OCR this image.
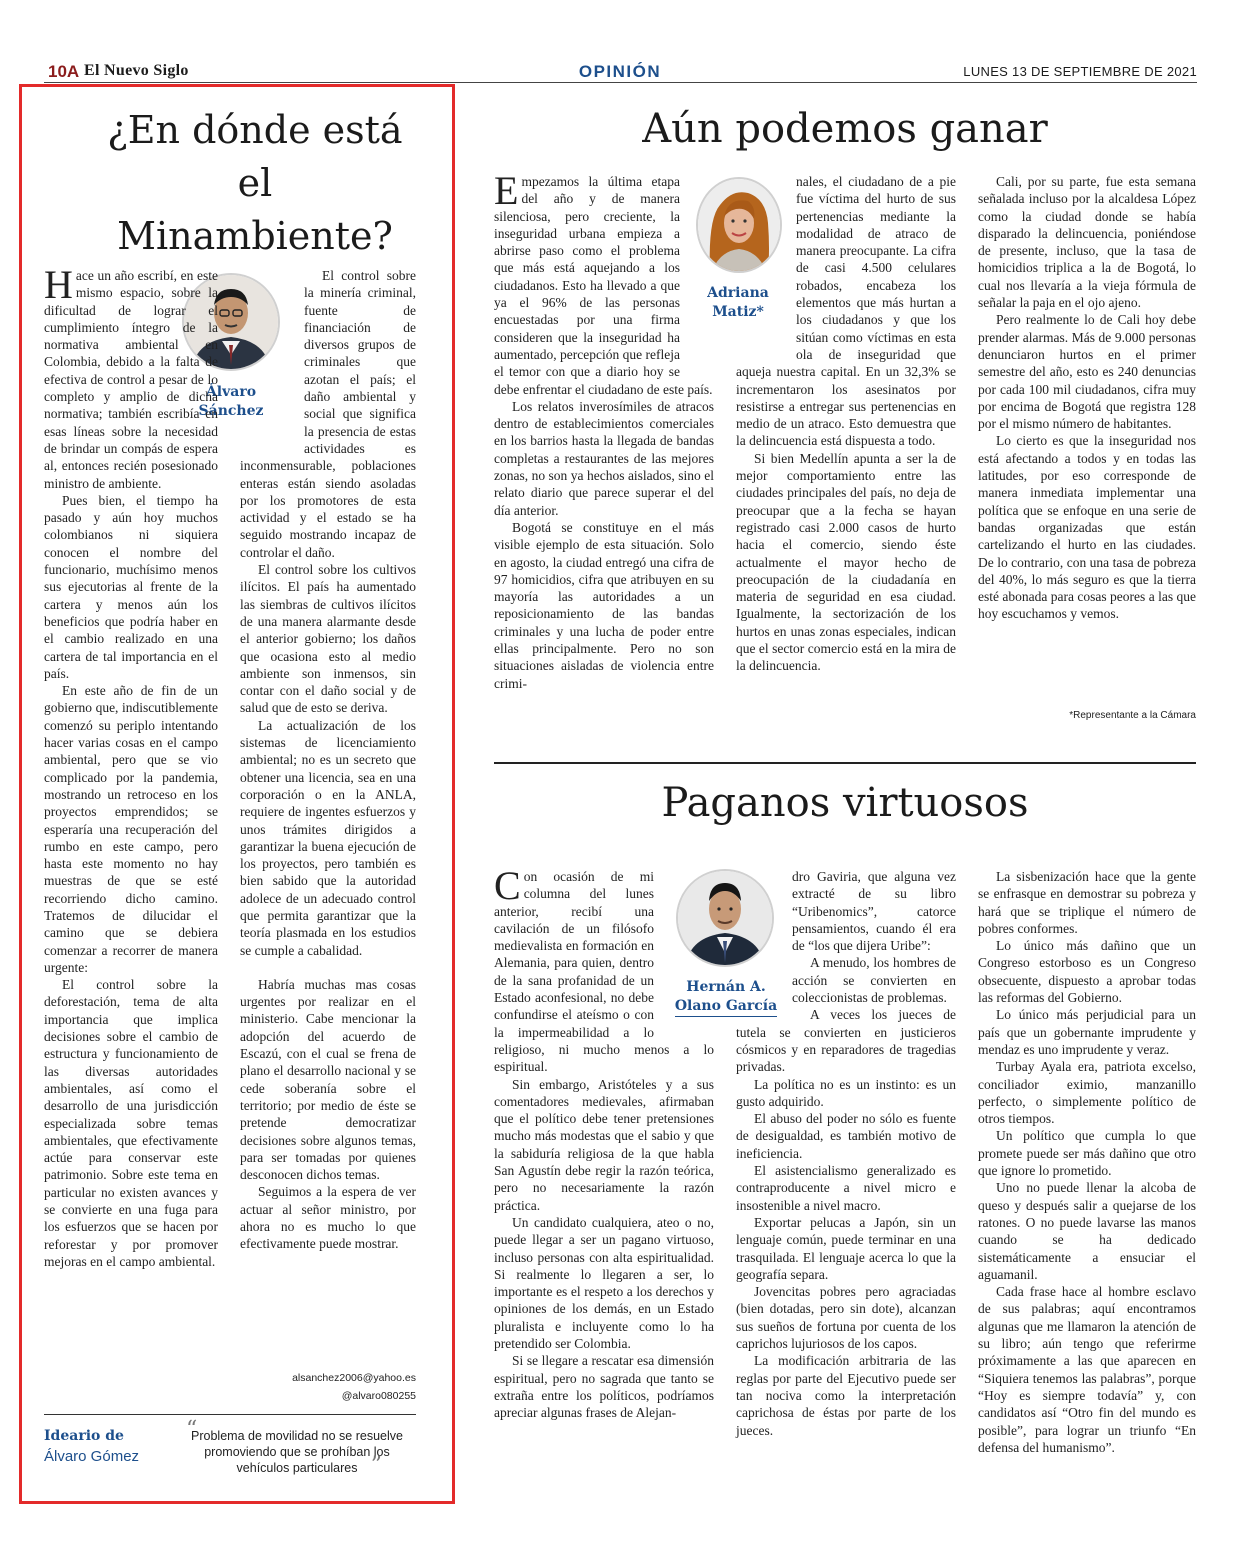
10A El Nuevo Siglo	OPINIÓN	LUNES 13 DE SEPTIEMBRE DE 2021
¿En dónde está el Minambiente?
Álvaro
Sánchez

Hace un año escribí, en este mismo espacio, sobre la dificultad de lograr el cumplimiento íntegro de la normativa ambiental en Colombia, debido a la falta de efectiva de control a pesar de lo completo y amplio de dicha normativa; también escribía en esas líneas sobre la necesidad de brindar un compás de espera al, entonces recién posesionado ministro de ambiente.

Pues bien, el tiempo ha pasado y aún hoy muchos colombianos ni siquiera conocen el nombre del funcionario, muchísimo menos sus ejecutorias al frente de la cartera y menos aún los beneficios que podría haber en el cambio realizado en una cartera de tal importancia en el país.

En este año de fin de un gobierno que, indiscutiblemente comenzó su periplo intentando hacer varias cosas en el campo ambiental, pero que se vio complicado por la pandemia, mostrando un retroceso en los proyectos emprendidos; se esperaría una recuperación del rumbo en este campo, pero hasta este momento no hay muestras de que se esté recorriendo dicho camino. Tratemos de dilucidar el camino que se debiera comenzar a recorrer de manera urgente:

El control sobre la deforestación, tema de alta importancia que implica decisiones sobre el cambio de estructura y funcionamiento de las diversas autoridades ambientales, así como el desarrollo de una jurisdicción especializada sobre temas ambientales, que efectivamente actúe para conservar este patrimonio. Sobre este tema en particular no existen avances y se convierte en una fuga para los esfuerzos que se hacen por reforestar y por promover mejoras en el campo ambiental.

El control sobre la minería criminal, fuente de financiación de diversos grupos de criminales que azotan el país; el daño ambiental y social que significa la presencia de estas actividades es inconmensurable, poblaciones enteras están siendo asoladas por los promotores de esta actividad y el estado se ha seguido mostrando incapaz de controlar el daño.

El control sobre los cultivos ilícitos. El país ha aumentado las siembras de cultivos ilícitos de una manera alarmante desde el anterior gobierno; los daños que ocasiona esto al medio ambiente son inmensos, sin contar con el daño social y de salud que de esto se deriva.

La actualización de los sistemas de licenciamiento ambiental; no es un secreto que obtener una licencia, sea en una corporación o en la ANLA, requiere de ingentes esfuerzos y unos trámites dirigidos a garantizar la buena ejecución de los proyectos, pero también es bien sabido que la autoridad adolece de un adecuado control que permita garantizar que la teoría plasmada en los estudios se cumple a cabalidad.

Habría muchas mas cosas urgentes por realizar en el ministerio. Cabe mencionar la adopción del acuerdo de Escazú, con el cual se frena de plano el desarrollo nacional y se cede soberanía sobre el territorio; por medio de éste se pretende democratizar decisiones sobre algunos temas, para ser tomadas por quienes desconocen dichos temas.

Seguimos a la espera de ver actuar al señor ministro, por ahora no es mucho lo que efectivamente puede mostrar.

alsanchez2006@yahoo.es
@alvaro080255
Ideario de
Álvaro Gómez
“
Problema de movilidad no se resuelve promoviendo que se prohíban los vehículos particulares ”
Aún podemos ganar
Adriana
Matiz*

Empezamos la última etapa del año y de manera silenciosa, pero creciente, la inseguridad urbana empieza a abrirse paso como el problema que más está aquejando a los ciudadanos. Esto ha llevado a que ya el 96% de las personas encuestadas por una firma consideren que la inseguridad ha aumentado, percepción que refleja el temor con que a diario hoy se debe enfrentar el ciudadano de este país.

Los relatos inverosímiles de atracos dentro de establecimientos comerciales en los barrios hasta la llegada de bandas completas a restaurantes de las mejores zonas, no son ya hechos aislados, sino el relato diario que parece superar el del día anterior.

Bogotá se constituye en el más visible ejemplo de esta situación. Solo en agosto, la ciudad entregó una cifra de 97 homicidios, cifra que atribuyen en su mayoría las autoridades a un reposicionamiento de las bandas criminales y una lucha de poder entre ellas principalmente. Pero no son situaciones aisladas de violencia entre crimi-

nales, el ciudadano de a pie fue víctima del hurto de sus pertenencias mediante la modalidad de atraco de manera preocupante. La cifra de casi 4.500 celulares robados, encabeza los elementos que más hurtan a los ciudadanos y que los sitúan como víctimas en esta ola de inseguridad que aqueja nuestra capital. En un 32,3% se incrementaron los asesinatos por resistirse a entregar sus pertenencias en medio de un atraco. Esto demuestra que la delincuencia está dispuesta a todo.

Si bien Medellín apunta a ser la de mejor comportamiento entre las ciudades principales del país, no deja de preocupar que a la fecha se hayan registrado casi 2.000 casos de hurto hacia el comercio, siendo éste actualmente el mayor hecho de preocupación de la ciudadanía en materia de seguridad en esa ciudad. Igualmente, la sectorización de los hurtos en unas zonas especiales, indican que el sector comercio está en la mira de la delincuencia.

Cali, por su parte, fue esta semana señalada incluso por la alcaldesa López como la ciudad donde se había disparado la delincuencia, poniéndose de presente, incluso, que la tasa de homicidios triplica a la de Bogotá, lo cual nos llevaría a la vieja fórmula de señalar la paja en el ojo ajeno.

Pero realmente lo de Cali hoy debe prender alarmas. Más de 9.000 personas denunciaron hurtos en el primer semestre del año, esto es 240 denuncias por cada 100 mil ciudadanos, cifra muy por encima de Bogotá que registra 128 por el mismo número de habitantes.

Lo cierto es que la inseguridad nos está afectando a todos y en todas las latitudes, por eso corresponde de manera inmediata implementar una política que se enfoque en una serie de bandas organizadas que están cartelizando el hurto en las ciudades. De lo contrario, con una tasa de pobreza del 40%, lo más seguro es que la tierra esté abonada para cosas peores a las que hoy escuchamos y vemos.

*Representante a la Cámara
Paganos virtuosos
Hernán A.
Olano García

Con ocasión de mi columna del lunes anterior, recibí una cavilación de un filósofo medievalista en formación en Alemania, para quien, dentro de la sana profanidad de un Estado aconfesional, no debe confundirse el ateísmo o con la impermeabilidad a lo religioso, ni mucho menos a lo espiritual.

Sin embargo, Aristóteles y a sus comentadores medievales, afirmaban que el político debe tener pretensiones mucho más modestas que el sabio y que la sabiduría religiosa de la que habla San Agustín debe regir la razón teórica, pero no necesariamente la razón práctica.

Un candidato cualquiera, ateo o no, puede llegar a ser un pagano virtuoso, incluso personas con alta espiritualidad. Si realmente lo llegaren a ser, lo importante es el respeto a los derechos y opiniones de los demás, en un Estado pluralista e incluyente como lo ha pretendido ser Colombia.

Si se llegare a rescatar esa dimensión espiritual, pero no sagrada que tanto se extraña entre los políticos, podríamos apreciar algunas frases de Alejan-

dro Gaviria, que alguna vez extracté de su libro “Uribenomics”, catorce pensamientos, cuando él era de “los que dijera Uribe”:

A menudo, los hombres de acción se convierten en coleccionistas de problemas.

A veces los jueces de tutela se convierten en justicieros cósmicos y en reparadores de tragedias privadas.

La política no es un instinto: es un gusto adquirido.

El abuso del poder no sólo es fuente de desigualdad, es también motivo de ineficiencia.

El asistencialismo generalizado es contraproducente a nivel micro e insostenible a nivel macro.

Exportar pelucas a Japón, sin un lenguaje común, puede terminar en una trasquilada. El lenguaje acerca lo que la geografía separa.

Jovencitas pobres pero agraciadas (bien dotadas, pero sin dote), alcanzan sus sueños de fortuna por cuenta de los caprichos lujuriosos de los capos.

La modificación arbitraria de las reglas por parte del Ejecutivo puede ser tan nociva como la interpretación caprichosa de éstas por parte de los jueces.

La sisbenización hace que la gente se enfrasque en demostrar su pobreza y hará que se triplique el número de pobres conformes.

Lo único más dañino que un Congreso estorboso es un Congreso obsecuente, dispuesto a aprobar todas las reformas del Gobierno.

Lo único más perjudicial para un país que un gobernante imprudente y mendaz es uno imprudente y veraz.

Turbay Ayala era, patriota excelso, conciliador eximio, manzanillo perfecto, o simplemente político de otros tiempos.

Un político que cumpla lo que promete puede ser más dañino que otro que ignore lo prometido.

Uno no puede llenar la alcoba de queso y después salir a quejarse de los ratones. O no puede lavarse las manos cuando se ha dedicado sistemáticamente a ensuciar el aguamanil.

Cada frase hace al hombre esclavo de sus palabras; aquí encontramos algunas que me llamaron la atención de su libro; aún tengo que referirme próximamente a las que aparecen en “Siquiera tenemos las palabras”, porque “Hoy es siempre todavía” y, con candidatos así “Otro fin del mundo es posible”, para lograr un triunfo “En defensa del humanismo”.
